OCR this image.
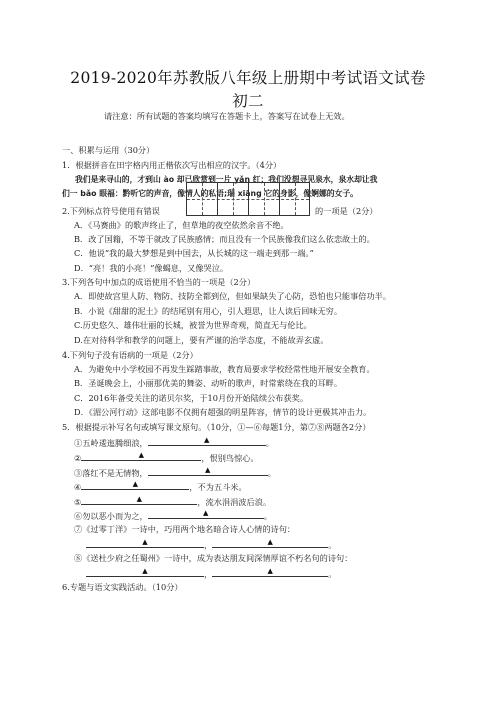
2019-2020年苏教版八年级上册期中考试语文试卷
初二
请注意：所有试题的答案均填写在答题卡上，答案写在试卷上无效。
一、积累与运用（30分）
1．根据拼音在田字格内用正楷依次写出相应的汉字。（4分）
我们是来寻山的，才到山 ào 却已欣赏到一片 yǎn 红；我们没想寻见泉水，泉水却让我
们一 bǎo 眼福：黔听它的声音，像情人的私语;瑞 xiāng 它的身影，像婀娜的女子。
2.下列标点符号使用有错误	的一项是（2分）
A．《马赛曲》的歌声终止了，但草地的夜空依然余音不绝。
B．改了国籍，不等于就改了民族感情；而且没有一个民族像我们这么依恋故土的。
C．他说“我的最大梦想是到中国去，从长城的这一端走到那一端。”
D．“亮！我的小亮！”像蝎息，又像哭泣。
3.下列各句中加点的成语使用不恰当的一项是（2分）
A．即使故宫里人防、物防、技防全都到位，但如果缺失了心防，恐怕也只能事倍功半。
B．小说《甜甜的泥土》的结尾别有用心，引人遐思，让人读后回味无穷。
C.历史悠久、雄伟壮丽的长城，被誉为世界奇观，简直无与伦比。
D.在对待科学和教学的问题上，要有严谨的治学态度，不能故弄玄虚。
4.下列句子没有语病的一项是（2分）
A．为避免中小学校园不再发生踩踏事故，教育局要求学校经常性地开展安全教育。
B．圣诞晚会上，小丽那优美的舞姿、动听的歌声，时常萦绕在我的耳畔。
C．2016年备受关注的诺贝尔奖，于10月份开始陆续公布获奖。
D．《湄公河行动》这部电影不仅拥有超强的明星阵容，情节的设计更极其冲击力。
5．根据提示补写名句或填写课文原句。（10分，①—⑥每题1分，第⑦⑧两题各2分）
①五岭逶迤腾细浪，	▲	。
②	▲	，恨别鸟惊心。
③落红不是无情物，	▲	。
④	▲	，不为五斗米。
⑤	▲	，流水涓涓波后浪。
⑥勿以恶小而为之，	▲	。
⑦《过零丁洋》一诗中，巧用两个地名暗合诗人心情的诗句：
▲	，	▲	。
⑧《送杜少府之任蜀州》一诗中，成为表达朋友间深情厚谊不朽名句的诗句：
▲	，	▲	。
6.专题与语文实践活动。（10分）
